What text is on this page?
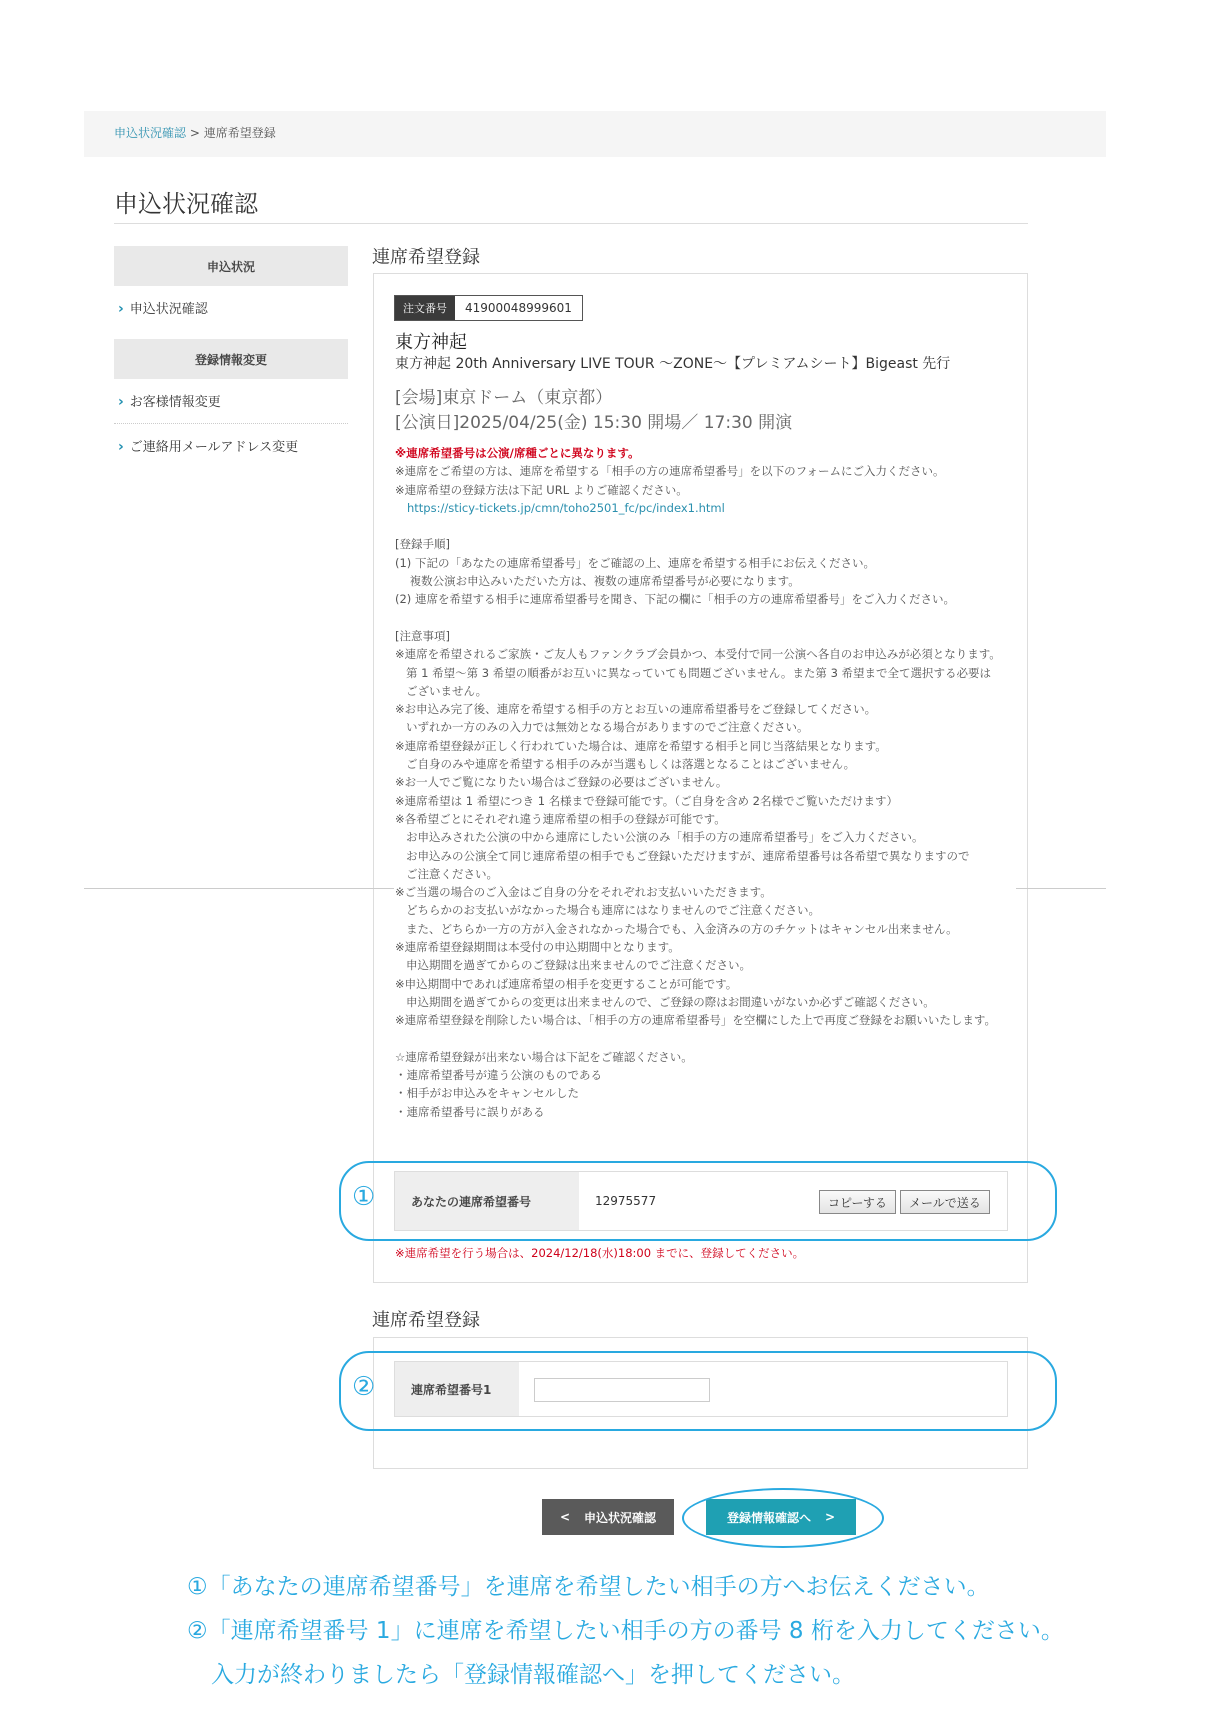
申込状況確認 > 連席希望登録
申込状況確認
申込状況
› 申込状況確認
登録情報変更
› お客様情報変更
› ご連絡用メールアドレス変更
連席希望登録
注文番号	41900048999601
東方神起
東方神起 20th Anniversary LIVE TOUR ～ZONE～【プレミアムシート】Bigeast 先行
[会場]東京ドーム（東京都）
[公演日]2025/04/25(金) 15:30 開場／ 17:30 開演
※連席希望番号は公演/席種ごとに異なります。
※連席をご希望の方は、連席を希望する「相手の方の連席希望番号」を以下のフォームにご入力ください。
※連席希望の登録方法は下記 URL よりご確認ください。
https://sticy-tickets.jp/cmn/toho2501_fc/pc/index1.html

[登録手順]
(1) 下記の「あなたの連席希望番号」をご確認の上、連席を希望する相手にお伝えください。
複数公演お申込みいただいた方は、複数の連席希望番号が必要になります。
(2) 連席を希望する相手に連席希望番号を聞き、下記の欄に「相手の方の連席希望番号」をご入力ください。

[注意事項]
※連席を希望されるご家族・ご友人もファンクラブ会員かつ、本受付で同一公演へ各自のお申込みが必須となります。
第 1 希望～第 3 希望の順番がお互いに異なっていても問題ございません。また第 3 希望まで全て選択する必要は
ございません。
※お申込み完了後、連席を希望する相手の方とお互いの連席希望番号をご登録してください。
いずれか一方のみの入力では無効となる場合がありますのでご注意ください。
※連席希望登録が正しく行われていた場合は、連席を希望する相手と同じ当落結果となります。
ご自身のみや連席を希望する相手のみが当選もしくは落選となることはございません。
※お一人でご覧になりたい場合はご登録の必要はございません。
※連席希望は 1 希望につき 1 名様まで登録可能です。（ご自身を含め 2名様でご覧いただけます）
※各希望ごとにそれぞれ違う連席希望の相手の登録が可能です。
お申込みされた公演の中から連席にしたい公演のみ「相手の方の連席希望番号」をご入力ください。
お申込みの公演全て同じ連席希望の相手でもご登録いただけますが、連席希望番号は各希望で異なりますので
ご注意ください。
※ご当選の場合のご入金はご自身の分をそれぞれお支払いいただきます。
どちらかのお支払いがなかった場合も連席にはなりませんのでご注意ください。
また、どちらか一方の方が入金されなかった場合でも、入金済みの方のチケットはキャンセル出来ません。
※連席希望登録期間は本受付の申込期間中となります。
申込期間を過ぎてからのご登録は出来ませんのでご注意ください。
※申込期間中であれば連席希望の相手を変更することが可能です。
申込期間を過ぎてからの変更は出来ませんので、ご登録の際はお間違いがないか必ずご確認ください。
※連席希望登録を削除したい場合は、「相手の方の連席希望番号」を空欄にした上で再度ご登録をお願いいたします。

☆連席希望登録が出来ない場合は下記をご確認ください。
・連席希望番号が違う公演のものである
・相手がお申込みをキャンセルした
・連席希望番号に誤りがある
①	あなたの連席希望番号	12975577	コピーする	メールで送る
※連席希望を行う場合は、2024/12/18(水)18:00 までに、登録してください。
連席希望登録
②	連席希望番号1
< 申込状況確認	登録情報確認へ >
①「あなたの連席希望番号」を連席を希望したい相手の方へお伝えください。
②「連席希望番号 1」に連席を希望したい相手の方の番号 8 桁を入力してください。
入力が終わりましたら「登録情報確認へ」を押してください。
